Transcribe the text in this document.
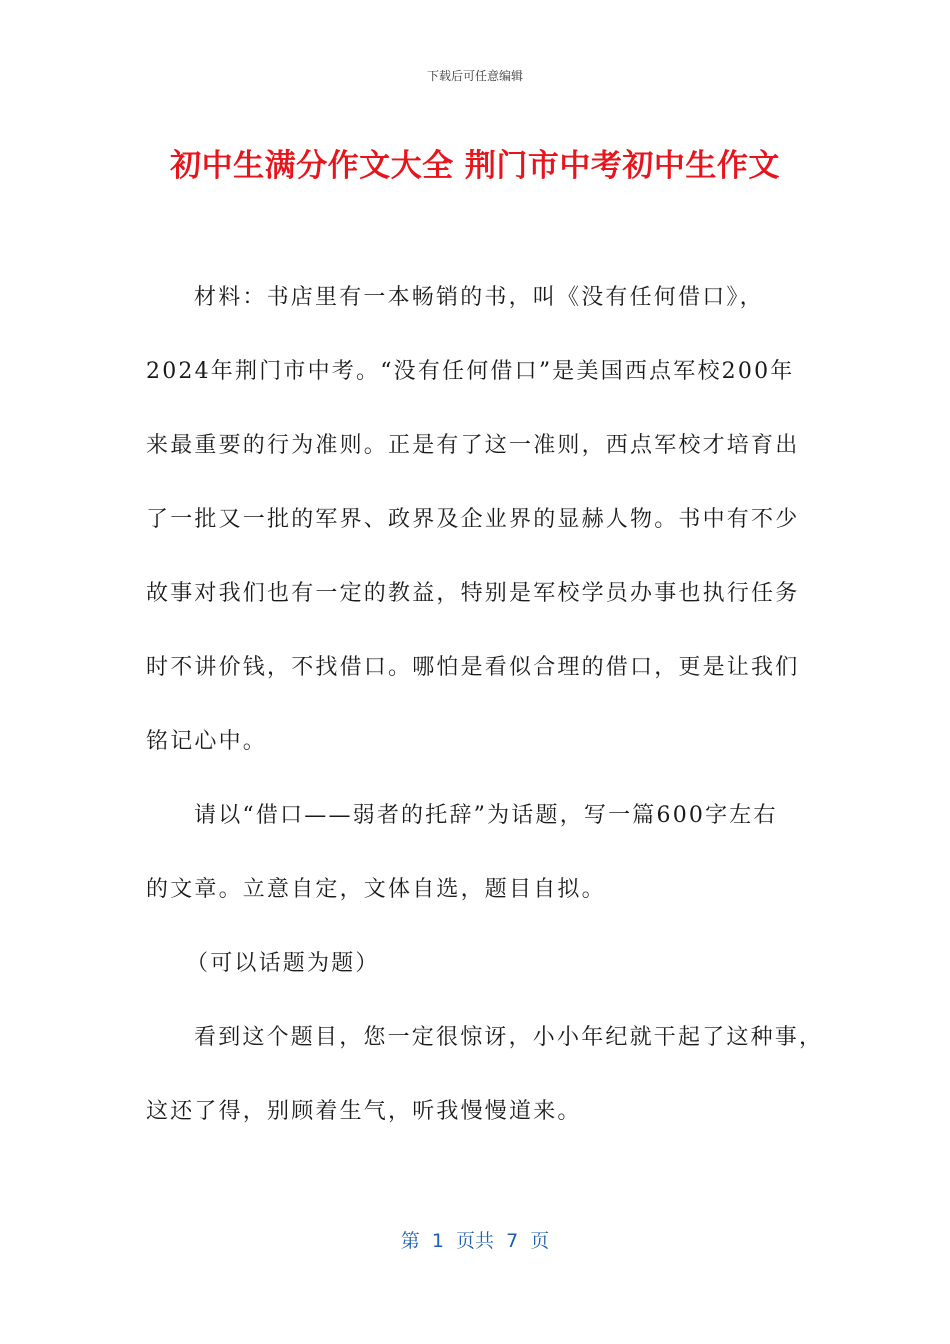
下载后可任意编辑
初中生满分作文大全 荆门市中考初中生作文
材料：书店里有一本畅销的书，叫《没有任何借口》，
2024年荆门市中考。“没有任何借口”是美国西点军校200年
来最重要的行为准则。正是有了这一准则，西点军校才培育出
了一批又一批的军界、政界及企业界的显赫人物。书中有不少
故事对我们也有一定的教益，特别是军校学员办事也执行任务
时不讲价钱，不找借口。哪怕是看似合理的借口，更是让我们
铭记心中。
请以“借口——弱者的托辞”为话题，写一篇600字左右
的文章。立意自定，文体自选，题目自拟。
（可以话题为题）
看到这个题目，您一定很惊讶，小小年纪就干起了这种事，
这还了得，别顾着生气，听我慢慢道来。
第  1  页共  7  页
